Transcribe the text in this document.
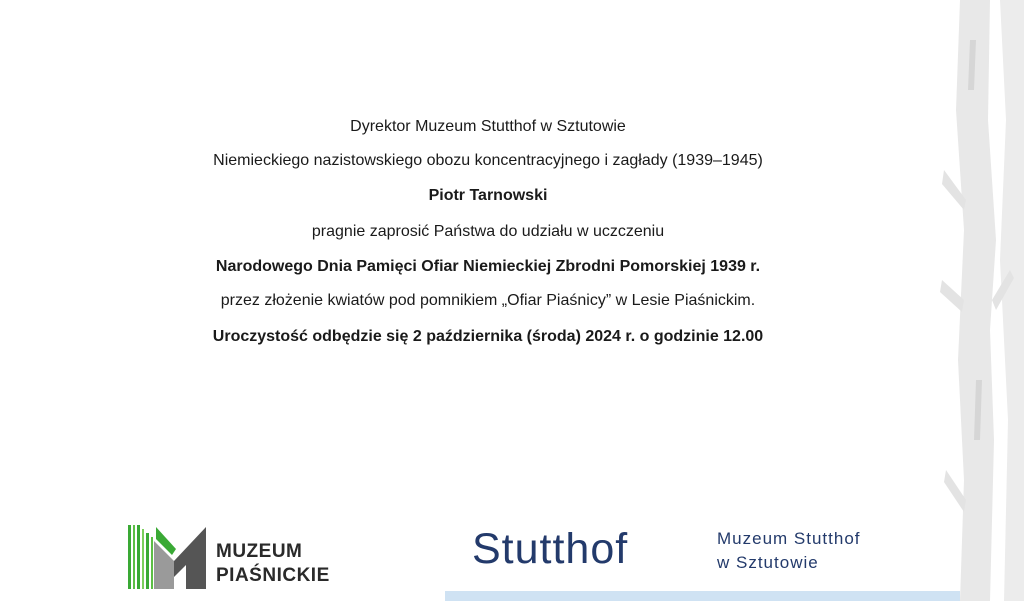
Dyrektor Muzeum Stutthof w Sztutowie
Niemieckiego nazistowskiego obozu koncentracyjnego i zagłady (1939–1945)
Piotr Tarnowski
pragnie zaprosić Państwa do udziału w uczczeniu
Narodowego Dnia Pamięci Ofiar Niemieckiej Zbrodni Pomorskiej 1939 r.
przez złożenie kwiatów pod pomnikiem „Ofiar Piaśnicy” w Lesie Piaśnickim.
Uroczystość odbędzie się 2 października (środa) 2024 r. o godzinie 12.00
MUZEUM
PIAŚNICKIE
Stutthof	Muzeum Stutthof
w Sztutowie
